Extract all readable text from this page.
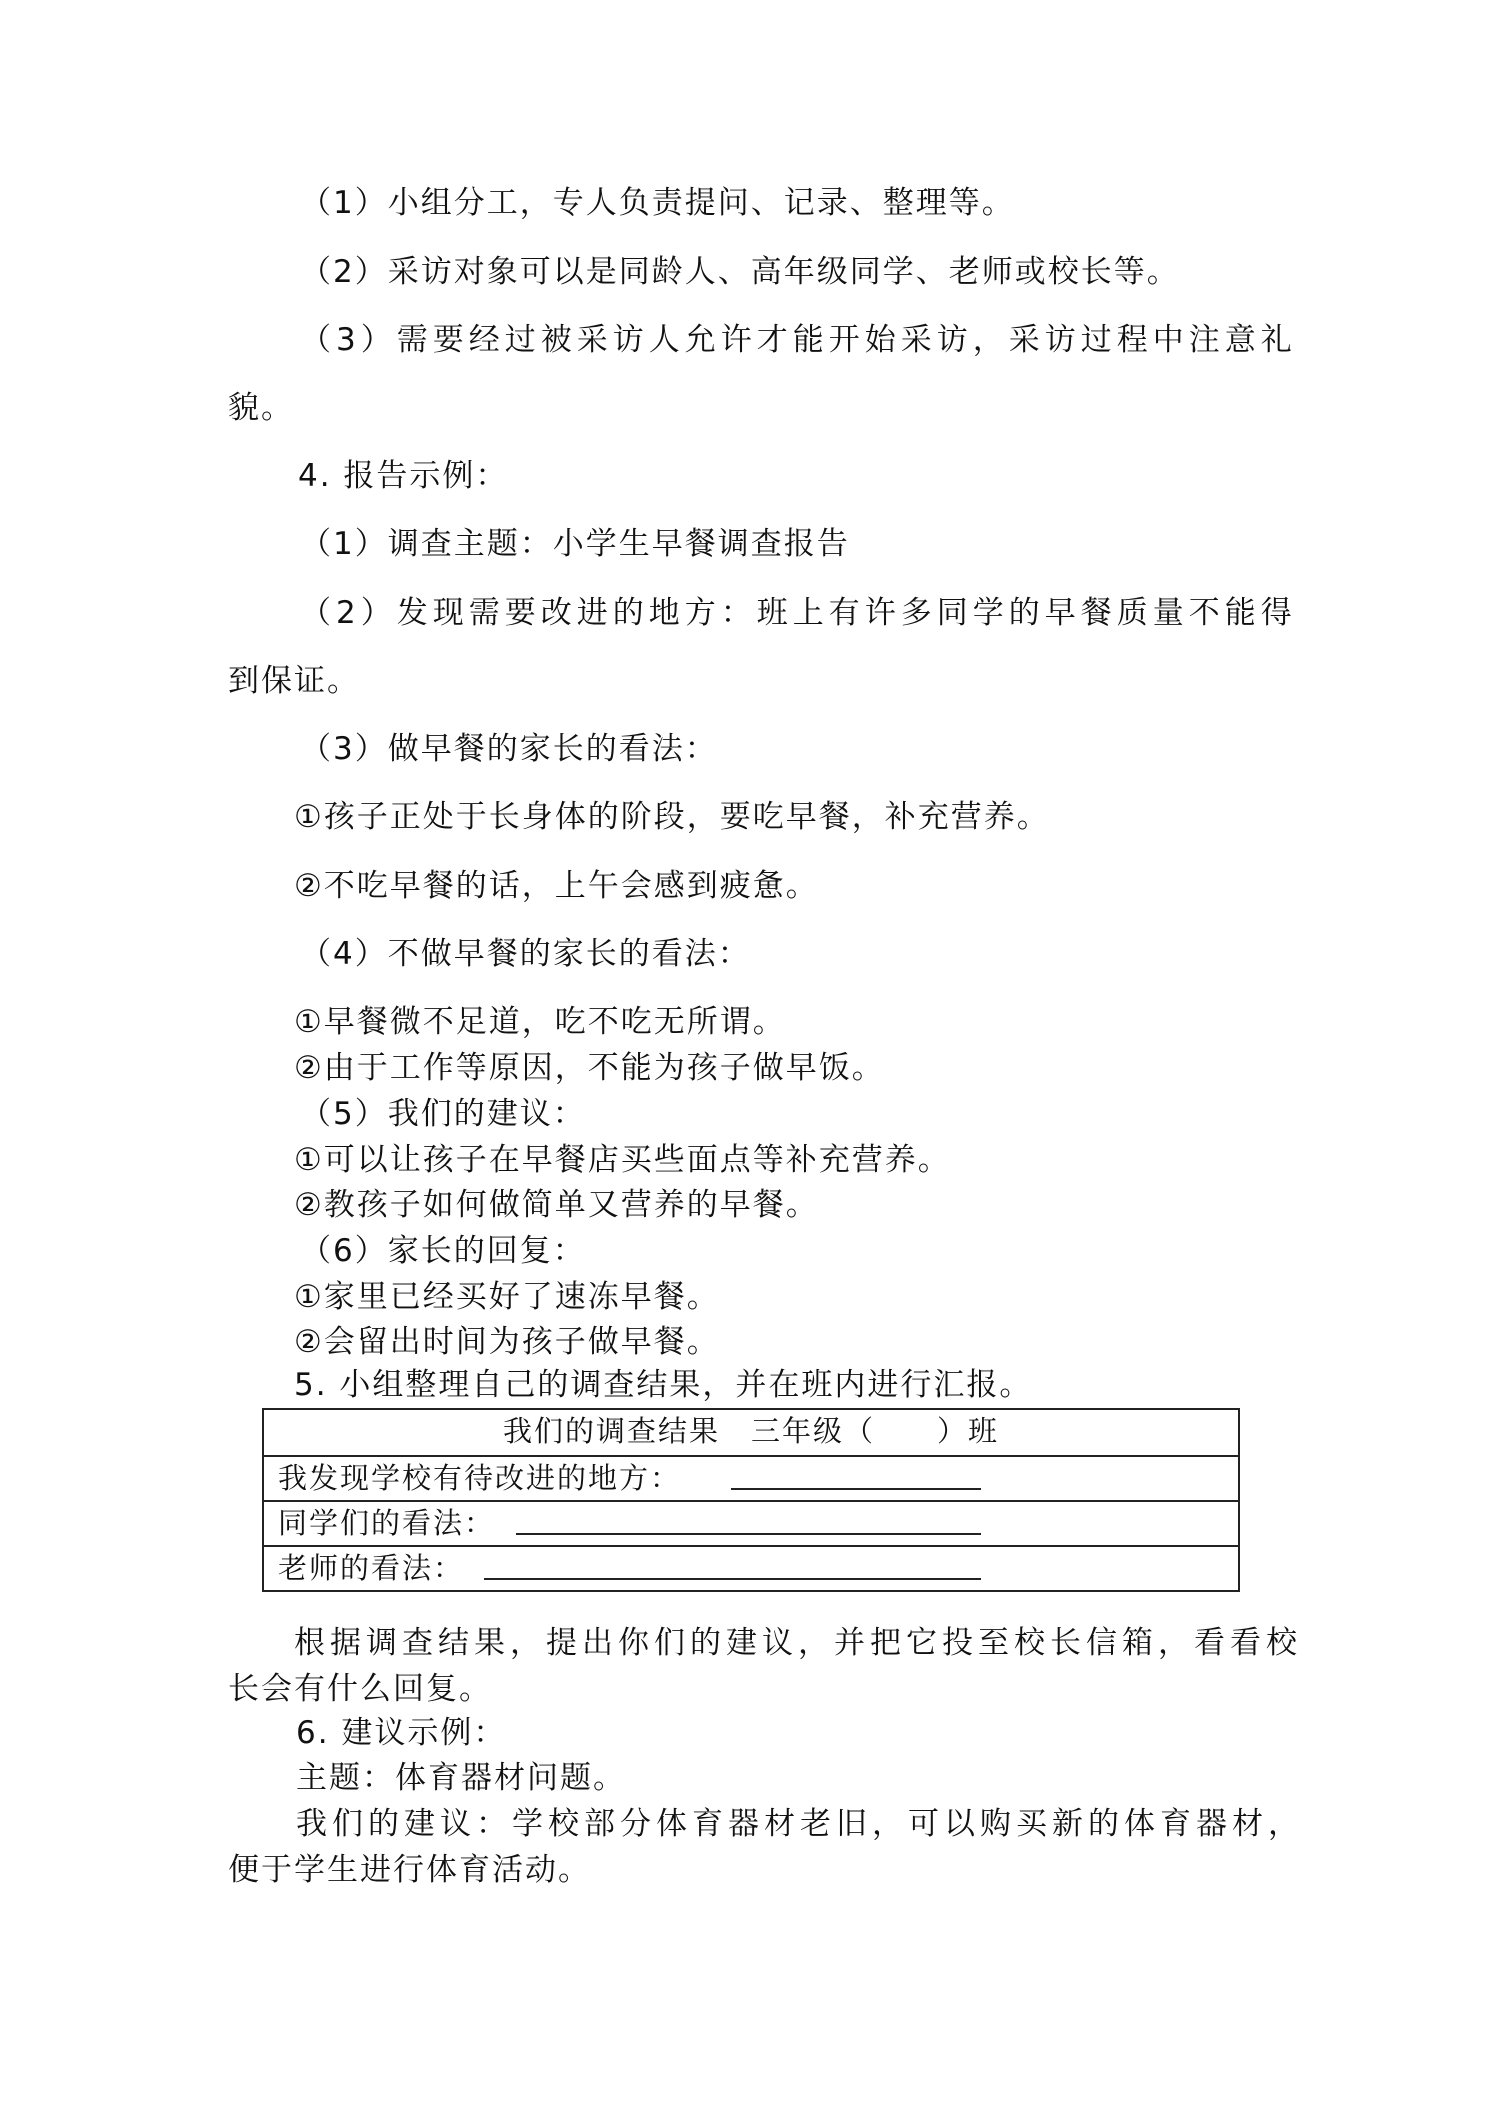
（1）小组分工，专人负责提问、记录、整理等。
（2）采访对象可以是同龄人、高年级同学、老师或校长等。
（3）需要经过被采访人允许才能开始采访，采访过程中注意礼
貌。
4. 报告示例：
（1）调查主题：小学生早餐调查报告
（2）发现需要改进的地方：班上有许多同学的早餐质量不能得
到保证。
（3）做早餐的家长的看法：
①孩子正处于长身体的阶段，要吃早餐，补充营养。
②不吃早餐的话，上午会感到疲惫。
（4）不做早餐的家长的看法：
①早餐微不足道，吃不吃无所谓。
②由于工作等原因，不能为孩子做早饭。
（5）我们的建议：
①可以让孩子在早餐店买些面点等补充营养。
②教孩子如何做简单又营养的早餐。
（6）家长的回复：
①家里已经买好了速冻早餐。
②会留出时间为孩子做早餐。
5. 小组整理自己的调查结果，并在班内进行汇报。
我们的调查结果　三年级（　　）班
我发现学校有待改进的地方：
同学们的看法：
老师的看法：
根据调查结果，提出你们的建议，并把它投至校长信箱，看看校
长会有什么回复。
6. 建议示例：
主题：体育器材问题。
我们的建议：学校部分体育器材老旧，可以购买新的体育器材，
便于学生进行体育活动。
